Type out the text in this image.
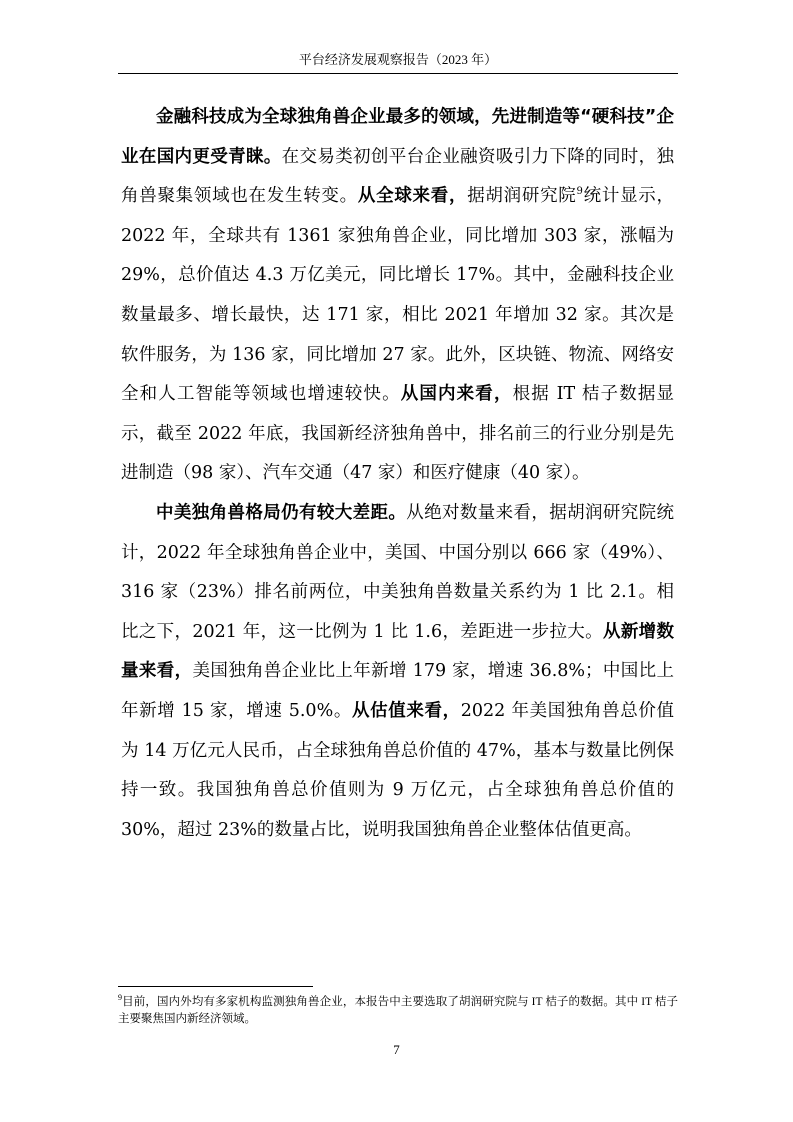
平台经济发展观察报告（2023 年）

金融科技成为全球独角兽企业最多的领域，先进制造等“硬科技”企业在国内更受青睐。在交易类初创平台企业融资吸引力下降的同时，独角兽聚集领域也在发生转变。从全球来看，据胡润研究院$^9$统计显示，2022 年，全球共有 1361 家独角兽企业，同比增加 303 家，涨幅为 29%，总价值达 4.3 万亿美元，同比增长 17%。其中，金融科技企业数量最多、增长最快，达 171 家，相比 2021 年增加 32 家。其次是软件服务，为 136 家，同比增加 27 家。此外，区块链、物流、网络安全和人工智能等领域也增速较快。从国内来看，根据 IT 桔子数据显示，截至 2022 年底，我国新经济独角兽中，排名前三的行业分别是先进制造（98 家）、汽车交通（47 家）和医疗健康（40 家）。

中美独角兽格局仍有较大差距。从绝对数量来看，据胡润研究院统计，2022 年全球独角兽企业中，美国、中国分别以 666 家（49%）、316 家（23%）排名前两位，中美独角兽数量关系约为 1 比 2.1。相比之下，2021 年，这一比例为 1 比 1.6，差距进一步拉大。从新增数量来看，美国独角兽企业比上年新增 179 家，增速 36.8%；中国比上年新增 15 家，增速 5.0%。从估值来看，2022 年美国独角兽总价值为 14 万亿元人民币，占全球独角兽总价值的 47%，基本与数量比例保持一致。我国独角兽总价值则为 9 万亿元，占全球独角兽总价值的 30%，超过 23%的数量占比，说明我国独角兽企业整体估值更高。

$^9$目前，国内外均有多家机构监测独角兽企业，本报告中主要选取了胡润研究院与 IT 桔子的数据。其中 IT 桔子主要聚焦国内新经济领域。
7
